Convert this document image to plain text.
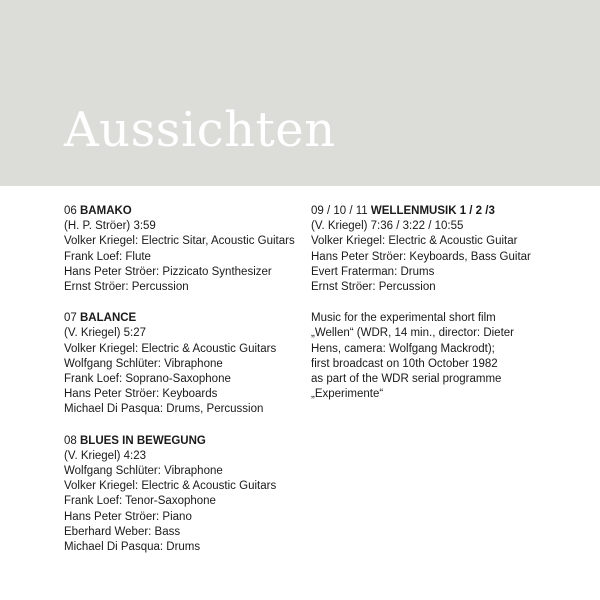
Aussichten
06 BAMAKO
(H. P. Ströer) 3:59
Volker Kriegel: Electric Sitar, Acoustic Guitars
Frank Loef: Flute
Hans Peter Ströer: Pizzicato Synthesizer
Ernst Ströer: Percussion
07 BALANCE
(V. Kriegel) 5:27
Volker Kriegel: Electric & Acoustic Guitars
Wolfgang Schlüter: Vibraphone
Frank Loef: Soprano-Saxophone
Hans Peter Ströer: Keyboards
Michael Di Pasqua: Drums, Percussion
08 BLUES IN BEWEGUNG
(V. Kriegel) 4:23
Wolfgang Schlüter: Vibraphone
Volker Kriegel: Electric & Acoustic Guitars
Frank Loef: Tenor-Saxophone
Hans Peter Ströer: Piano
Eberhard Weber: Bass
Michael Di Pasqua: Drums
09 / 10 / 11 WELLENMUSIK 1 / 2 /3
(V. Kriegel) 7:36 / 3:22 / 10:55
Volker Kriegel: Electric & Acoustic Guitar
Hans Peter Ströer: Keyboards, Bass Guitar
Evert Fraterman: Drums
Ernst Ströer: Percussion
Music for the experimental short film
„Wellen“ (WDR, 14 min., director: Dieter
Hens, camera: Wolfgang Mackrodt);
first broadcast on 10th October 1982
as part of the WDR serial programme
„Experimente“
